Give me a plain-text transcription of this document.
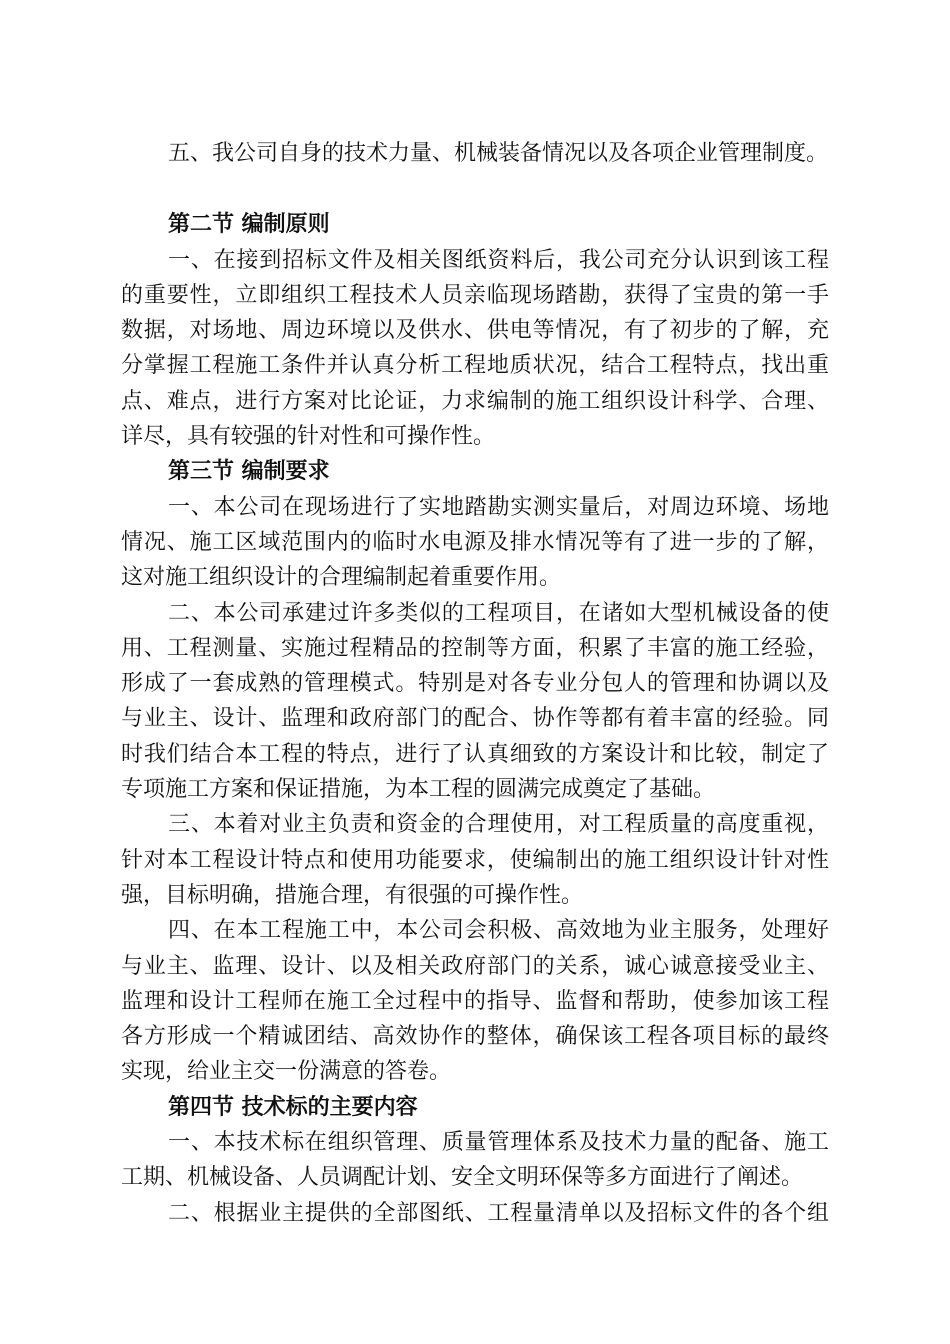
五、我公司自身的技术力量、机械装备情况以及各项企业管理制度。
第二节 编制原则
一、在接到招标文件及相关图纸资料后，我公司充分认识到该工程
的重要性，立即组织工程技术人员亲临现场踏勘，获得了宝贵的第一手
数据，对场地、周边环境以及供水、供电等情况，有了初步的了解，充
分掌握工程施工条件并认真分析工程地质状况，结合工程特点，找出重
点、难点，进行方案对比论证，力求编制的施工组织设计科学、合理、
详尽，具有较强的针对性和可操作性。
第三节 编制要求
一、本公司在现场进行了实地踏勘实测实量后，对周边环境、场地
情况、施工区域范围内的临时水电源及排水情况等有了进一步的了解，
这对施工组织设计的合理编制起着重要作用。
二、本公司承建过许多类似的工程项目，在诸如大型机械设备的使
用、工程测量、实施过程精品的控制等方面，积累了丰富的施工经验，
形成了一套成熟的管理模式。特别是对各专业分包人的管理和协调以及
与业主、设计、监理和政府部门的配合、协作等都有着丰富的经验。同
时我们结合本工程的特点，进行了认真细致的方案设计和比较，制定了
专项施工方案和保证措施，为本工程的圆满完成奠定了基础。
三、本着对业主负责和资金的合理使用，对工程质量的高度重视，
针对本工程设计特点和使用功能要求，使编制出的施工组织设计针对性
强，目标明确，措施合理，有很强的可操作性。
四、在本工程施工中，本公司会积极、高效地为业主服务，处理好
与业主、监理、设计、以及相关政府部门的关系，诚心诚意接受业主、
监理和设计工程师在施工全过程中的指导、监督和帮助，使参加该工程
各方形成一个精诚团结、高效协作的整体，确保该工程各项目标的最终
实现，给业主交一份满意的答卷。
第四节 技术标的主要内容
一、本技术标在组织管理、质量管理体系及技术力量的配备、施工
工期、机械设备、人员调配计划、安全文明环保等多方面进行了阐述。
二、根据业主提供的全部图纸、工程量清单以及招标文件的各个组
